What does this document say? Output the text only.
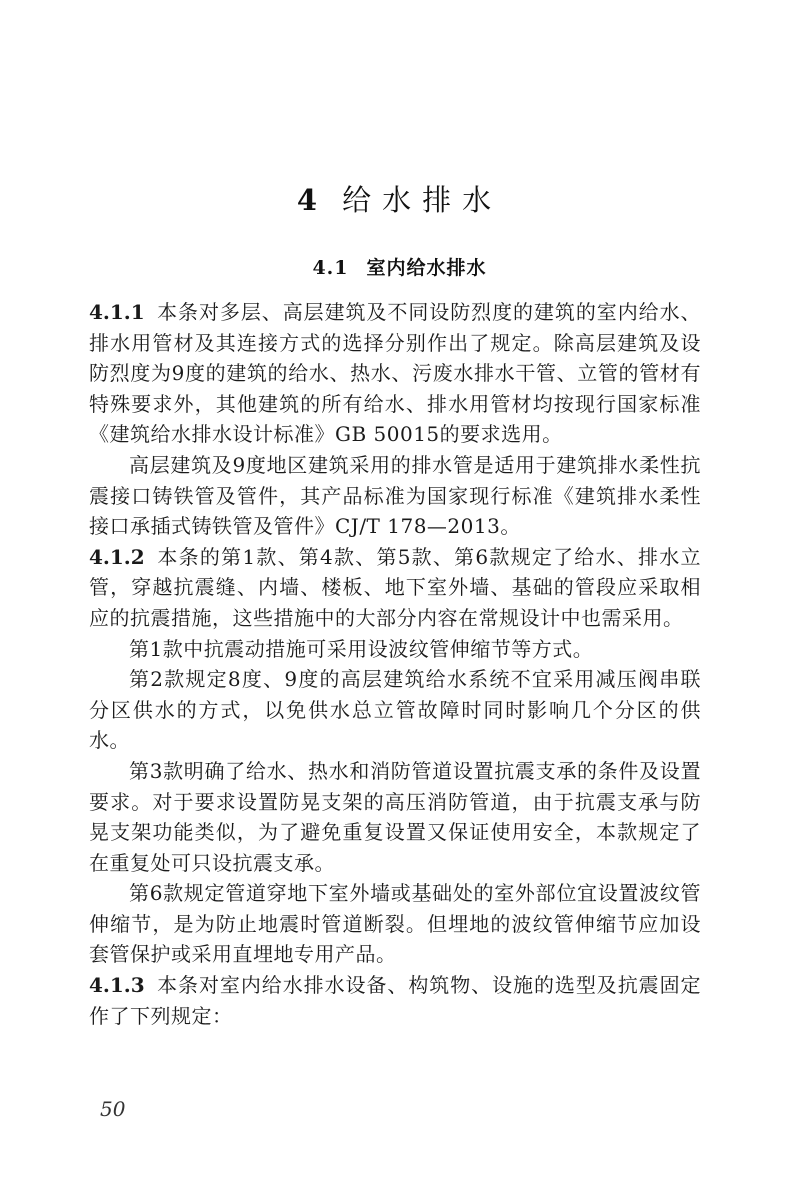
4 给水排水
4.1 室内给水排水

4.1.1 本条对多层、高层建筑及不同设防烈度的建筑的室内给水、排水用管材及其连接方式的选择分别作出了规定。除高层建筑及设防烈度为9度的建筑的给水、热水、污废水排水干管、立管的管材有特殊要求外，其他建筑的所有给水、排水用管材均按现行国家标准《建筑给水排水设计标准》GB 50015的要求选用。

高层建筑及9度地区建筑采用的排水管是适用于建筑排水柔性抗震接口铸铁管及管件，其产品标准为国家现行标准《建筑排水柔性接口承插式铸铁管及管件》CJ/T 178—2013。

4.1.2 本条的第1款、第4款、第5款、第6款规定了给水、排水立管，穿越抗震缝、内墙、楼板、地下室外墙、基础的管段应采取相应的抗震措施，这些措施中的大部分内容在常规设计中也需采用。

第1款中抗震动措施可采用设波纹管伸缩节等方式。

第2款规定8度、9度的高层建筑给水系统不宜采用减压阀串联分区供水的方式，以免供水总立管故障时同时影响几个分区的供水。

第3款明确了给水、热水和消防管道设置抗震支承的条件及设置要求。对于要求设置防晃支架的高压消防管道，由于抗震支承与防晃支架功能类似，为了避免重复设置又保证使用安全，本款规定了在重复处可只设抗震支承。

第6款规定管道穿地下室外墙或基础处的室外部位宜设置波纹管伸缩节，是为防止地震时管道断裂。但埋地的波纹管伸缩节应加设套管保护或采用直埋地专用产品。

4.1.3 本条对室内给水排水设备、构筑物、设施的选型及抗震固定作了下列规定：

50
